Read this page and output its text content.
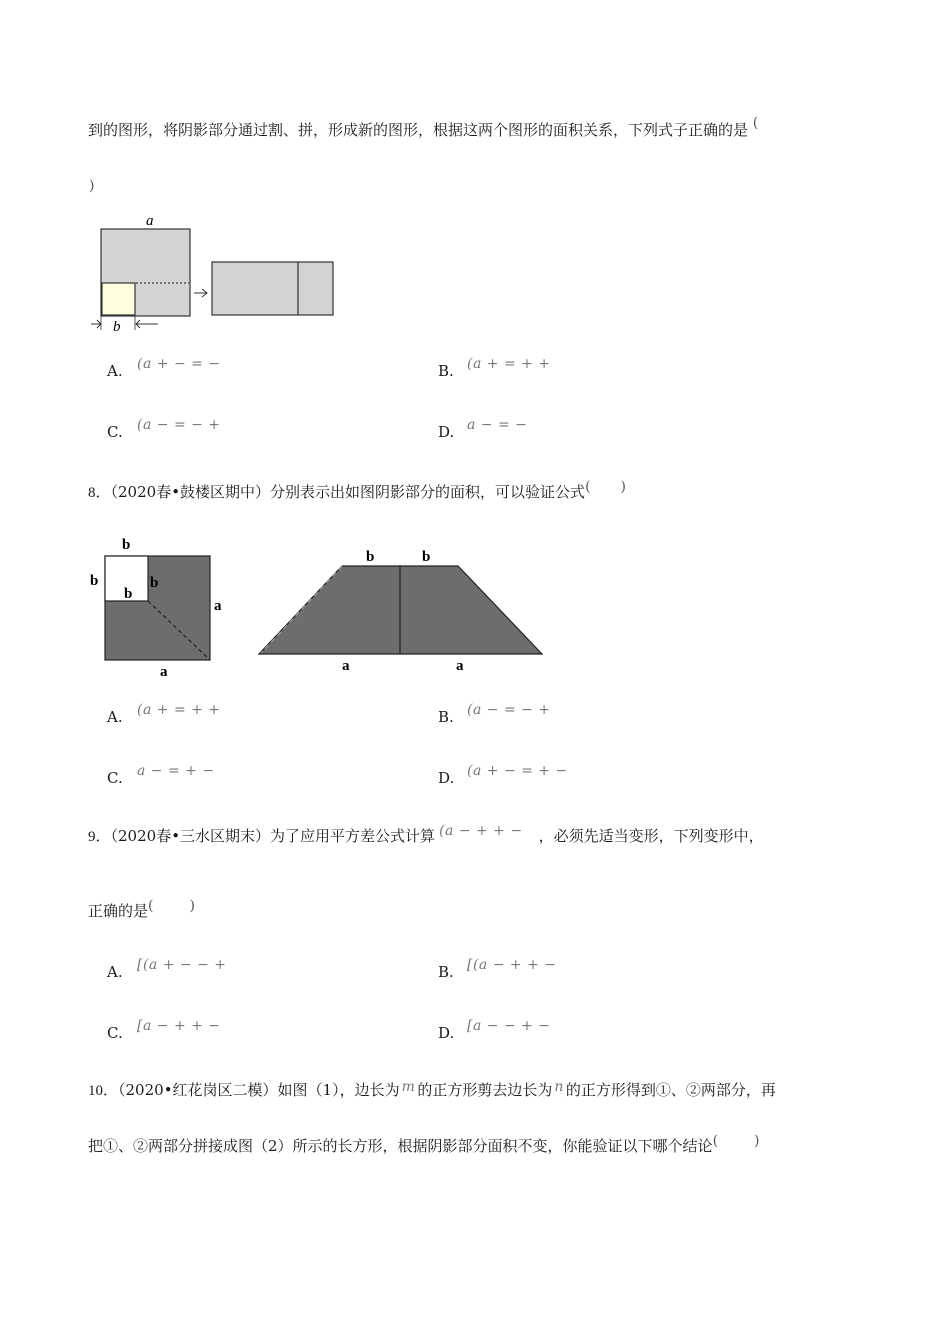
到的图形，将阴影部分通过割、拼，形成新的图形，根据这两个图形的面积关系，下列式子正确的是 (
)
a
b
A. (a + − = −	B. (a + = + +
C. (a − = − +	D. a − = −
8．（2020春•鼓楼区期中）分别表示出如图阴影部分的面积，可以验证公式( )
b
b	b
b
a
a
b	b
a	a
A. (a + = + +	B. (a − = − +
C. a − = + −	D. (a + − = + −
9．（2020春•三水区期末）为了应用平方差公式计算 (a − + + − ，必须先适当变形，下列变形中，
正确的是(	)
A. [(a + − − +	B. [(a − + + −
C. [a − + + −	D. [a − − + −
10．（2020•红花岗区二模）如图（1），边长为 m 的正方形剪去边长为 n 的正方形得到①、②两部分，再
把①、②两部分拼接成图（2）所示的长方形，根据阴影部分面积不变，你能验证以下哪个结论(	)
